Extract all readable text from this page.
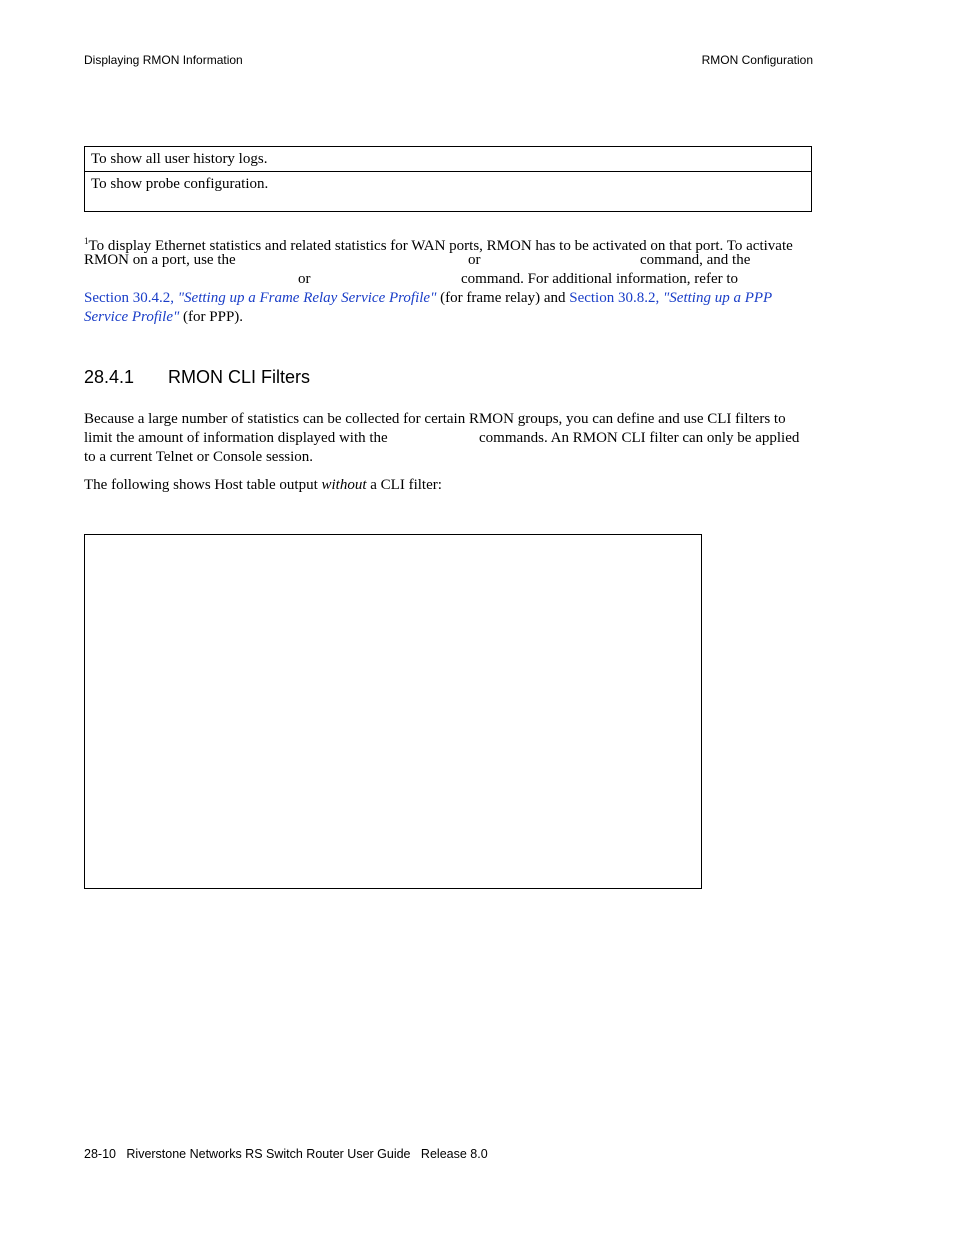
Displaying RMON Information	RMON Configuration
To show all user history logs.
To show probe configuration.
$^1$To display Ethernet statistics and related statistics for WAN ports, RMON has to be activated on that port. To activate
RMON on a port, use the	or	command, and the
or	command. For additional information, refer to
Section 30.4.2, "Setting up a Frame Relay Service Profile" (for frame relay) and Section 30.8.2, "Setting up a PPP
Service Profile" (for PPP).
28.4.1 RMON CLI Filters
Because a large number of statistics can be collected for certain RMON groups, you can define and use CLI filters to
limit the amount of information displayed with the	commands. An RMON CLI filter can only be applied
to a current Telnet or Console session.
The following shows Host table output without a CLI filter:
28-10   Riverstone Networks RS Switch Router User Guide   Release 8.0
